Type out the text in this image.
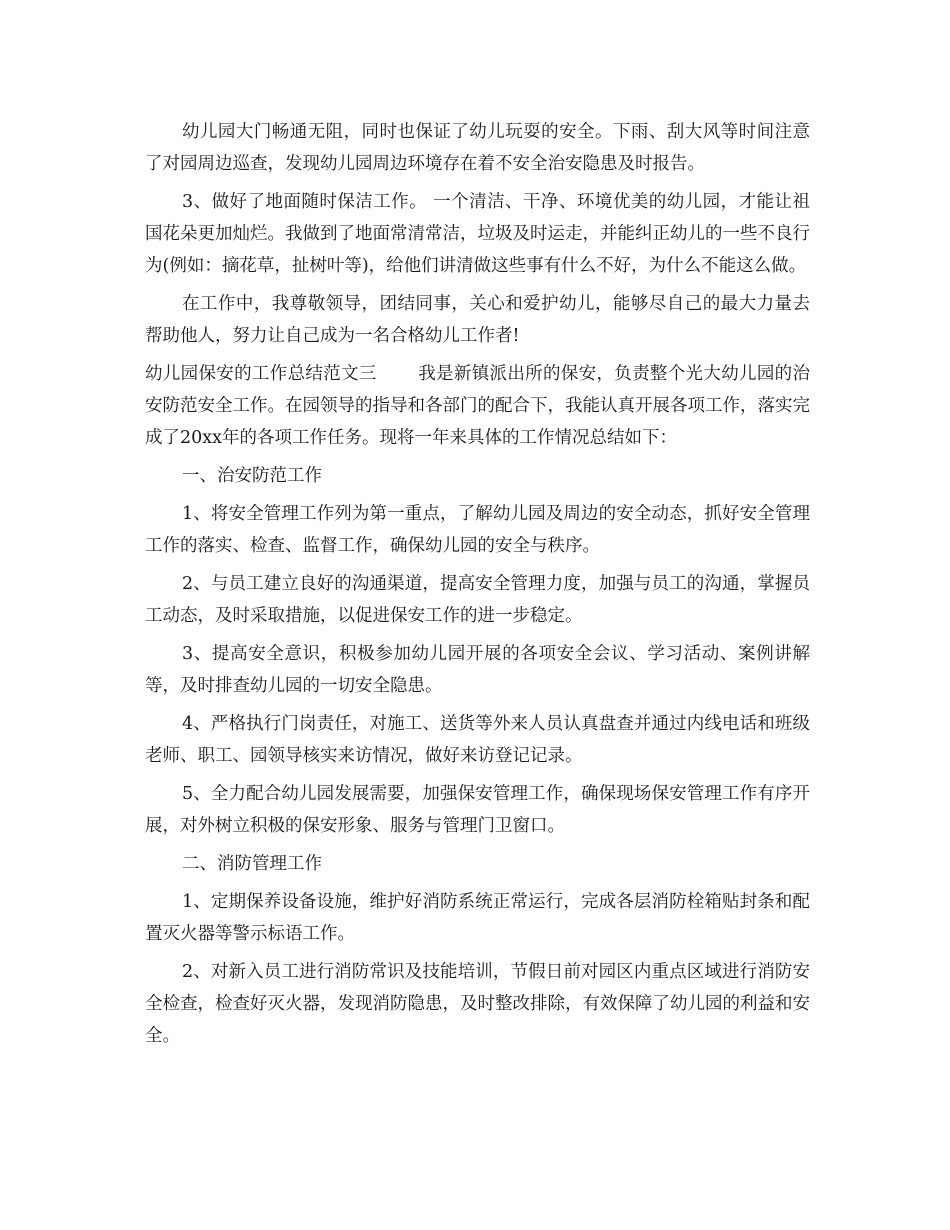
幼儿园大门畅通无阻，同时也保证了幼儿玩耍的安全。下雨、刮大风等时间注意了对园周边巡查，发现幼儿园周边环境存在着不安全治安隐患及时报告。

3、做好了地面随时保洁工作。 一个清洁、干净、环境优美的幼儿园，才能让祖国花朵更加灿烂。我做到了地面常清常洁，垃圾及时运走，并能纠正幼儿的一些不良行为(例如：摘花草，扯树叶等)，给他们讲清做这些事有什么不好，为什么不能这么做。

在工作中，我尊敬领导，团结同事，关心和爱护幼儿，能够尽自己的最大力量去帮助他人，努力让自己成为一名合格幼儿工作者!

幼儿园保安的工作总结范文三 　　我是新镇派出所的保安，负责整个光大幼儿园的治安防范安全工作。在园领导的指导和各部门的配合下，我能认真开展各项工作，落实完成了20xx年的各项工作任务。现将一年来具体的工作情况总结如下：

一、治安防范工作

1、将安全管理工作列为第一重点，了解幼儿园及周边的安全动态，抓好安全管理工作的落实、检查、监督工作，确保幼儿园的安全与秩序。

2、与员工建立良好的沟通渠道，提高安全管理力度，加强与员工的沟通，掌握员工动态，及时采取措施，以促进保安工作的进一步稳定。

3、提高安全意识，积极参加幼儿园开展的各项安全会议、学习活动、案例讲解等，及时排查幼儿园的一切安全隐患。

4、严格执行门岗责任，对施工、送货等外来人员认真盘查并通过内线电话和班级老师、职工、园领导核实来访情况，做好来访登记记录。

5、全力配合幼儿园发展需要，加强保安管理工作，确保现场保安管理工作有序开展，对外树立积极的保安形象、服务与管理门卫窗口。

二、消防管理工作

1、定期保养设备设施，维护好消防系统正常运行，完成各层消防栓箱贴封条和配置灭火器等警示标语工作。

2、对新入员工进行消防常识及技能培训，节假日前对园区内重点区域进行消防安全检查，检查好灭火器，发现消防隐患，及时整改排除，有效保障了幼儿园的利益和安全。
